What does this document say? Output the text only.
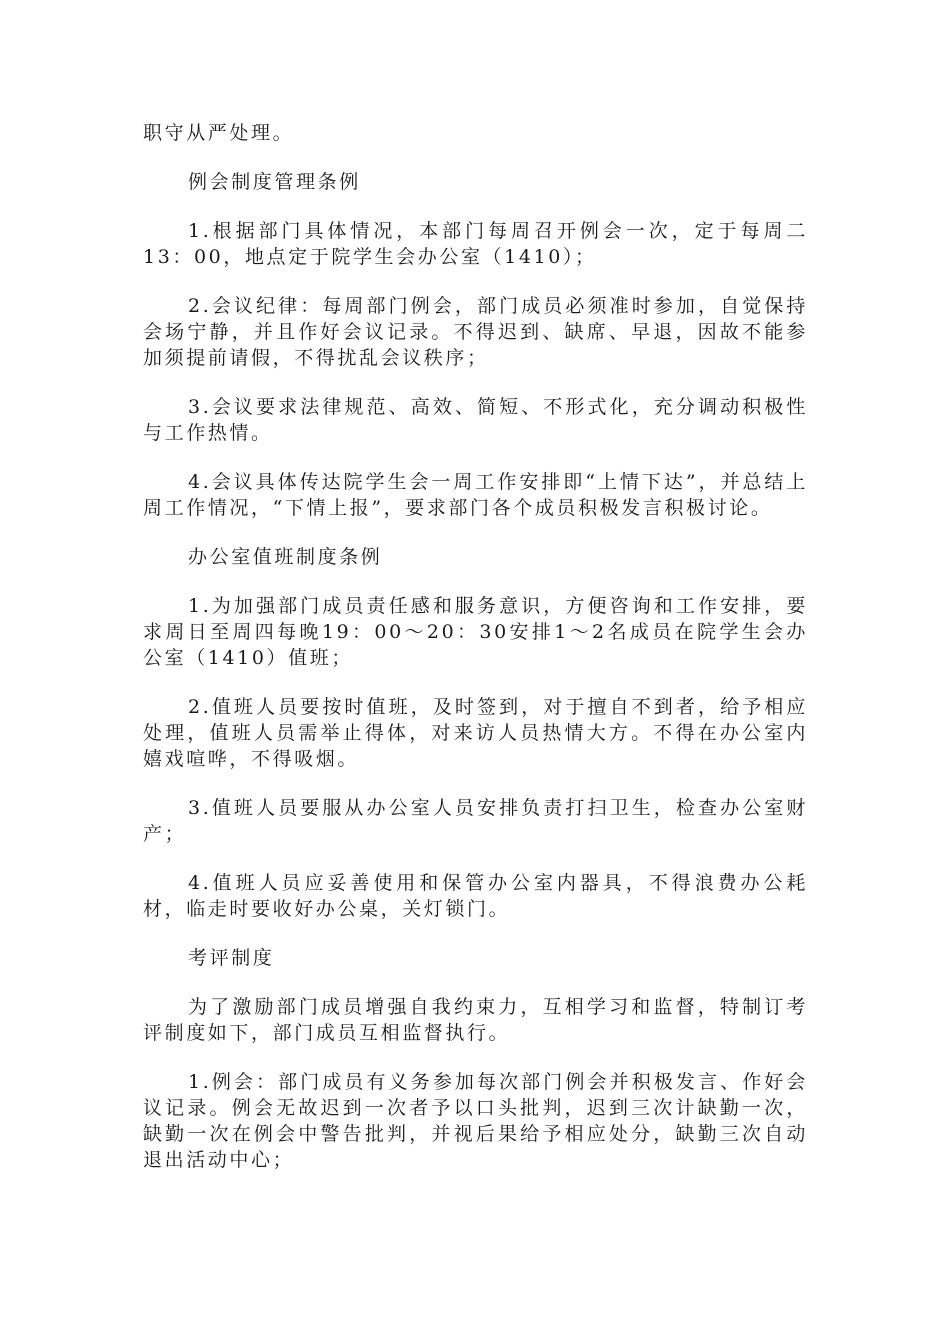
职守从严处理。

例会制度管理条例

1.根据部门具体情况，本部门每周召开例会一次，定于每周二13：00，地点定于院学生会办公室（1410）；

2.会议纪律：每周部门例会，部门成员必须准时参加，自觉保持会场宁静，并且作好会议记录。不得迟到、缺席、早退，因故不能参加须提前请假，不得扰乱会议秩序；

3.会议要求法律规范、高效、简短、不形式化，充分调动积极性与工作热情。

4.会议具体传达院学生会一周工作安排即“上情下达”，并总结上周工作情况，“下情上报”，要求部门各个成员积极发言积极讨论。

办公室值班制度条例

1.为加强部门成员责任感和服务意识，方便咨询和工作安排，要求周日至周四每晚19：00～20：30安排1～2名成员在院学生会办公室（1410）值班；

2.值班人员要按时值班，及时签到，对于擅自不到者，给予相应处理，值班人员需举止得体，对来访人员热情大方。不得在办公室内嬉戏喧哗，不得吸烟。

3.值班人员要服从办公室人员安排负责打扫卫生，检查办公室财产；

4.值班人员应妥善使用和保管办公室内器具，不得浪费办公耗材，临走时要收好办公桌，关灯锁门。

考评制度

为了激励部门成员增强自我约束力，互相学习和监督，特制订考评制度如下，部门成员互相监督执行。

1.例会：部门成员有义务参加每次部门例会并积极发言、作好会议记录。例会无故迟到一次者予以口头批判，迟到三次计缺勤一次，缺勤一次在例会中警告批判，并视后果给予相应处分，缺勤三次自动退出活动中心；
